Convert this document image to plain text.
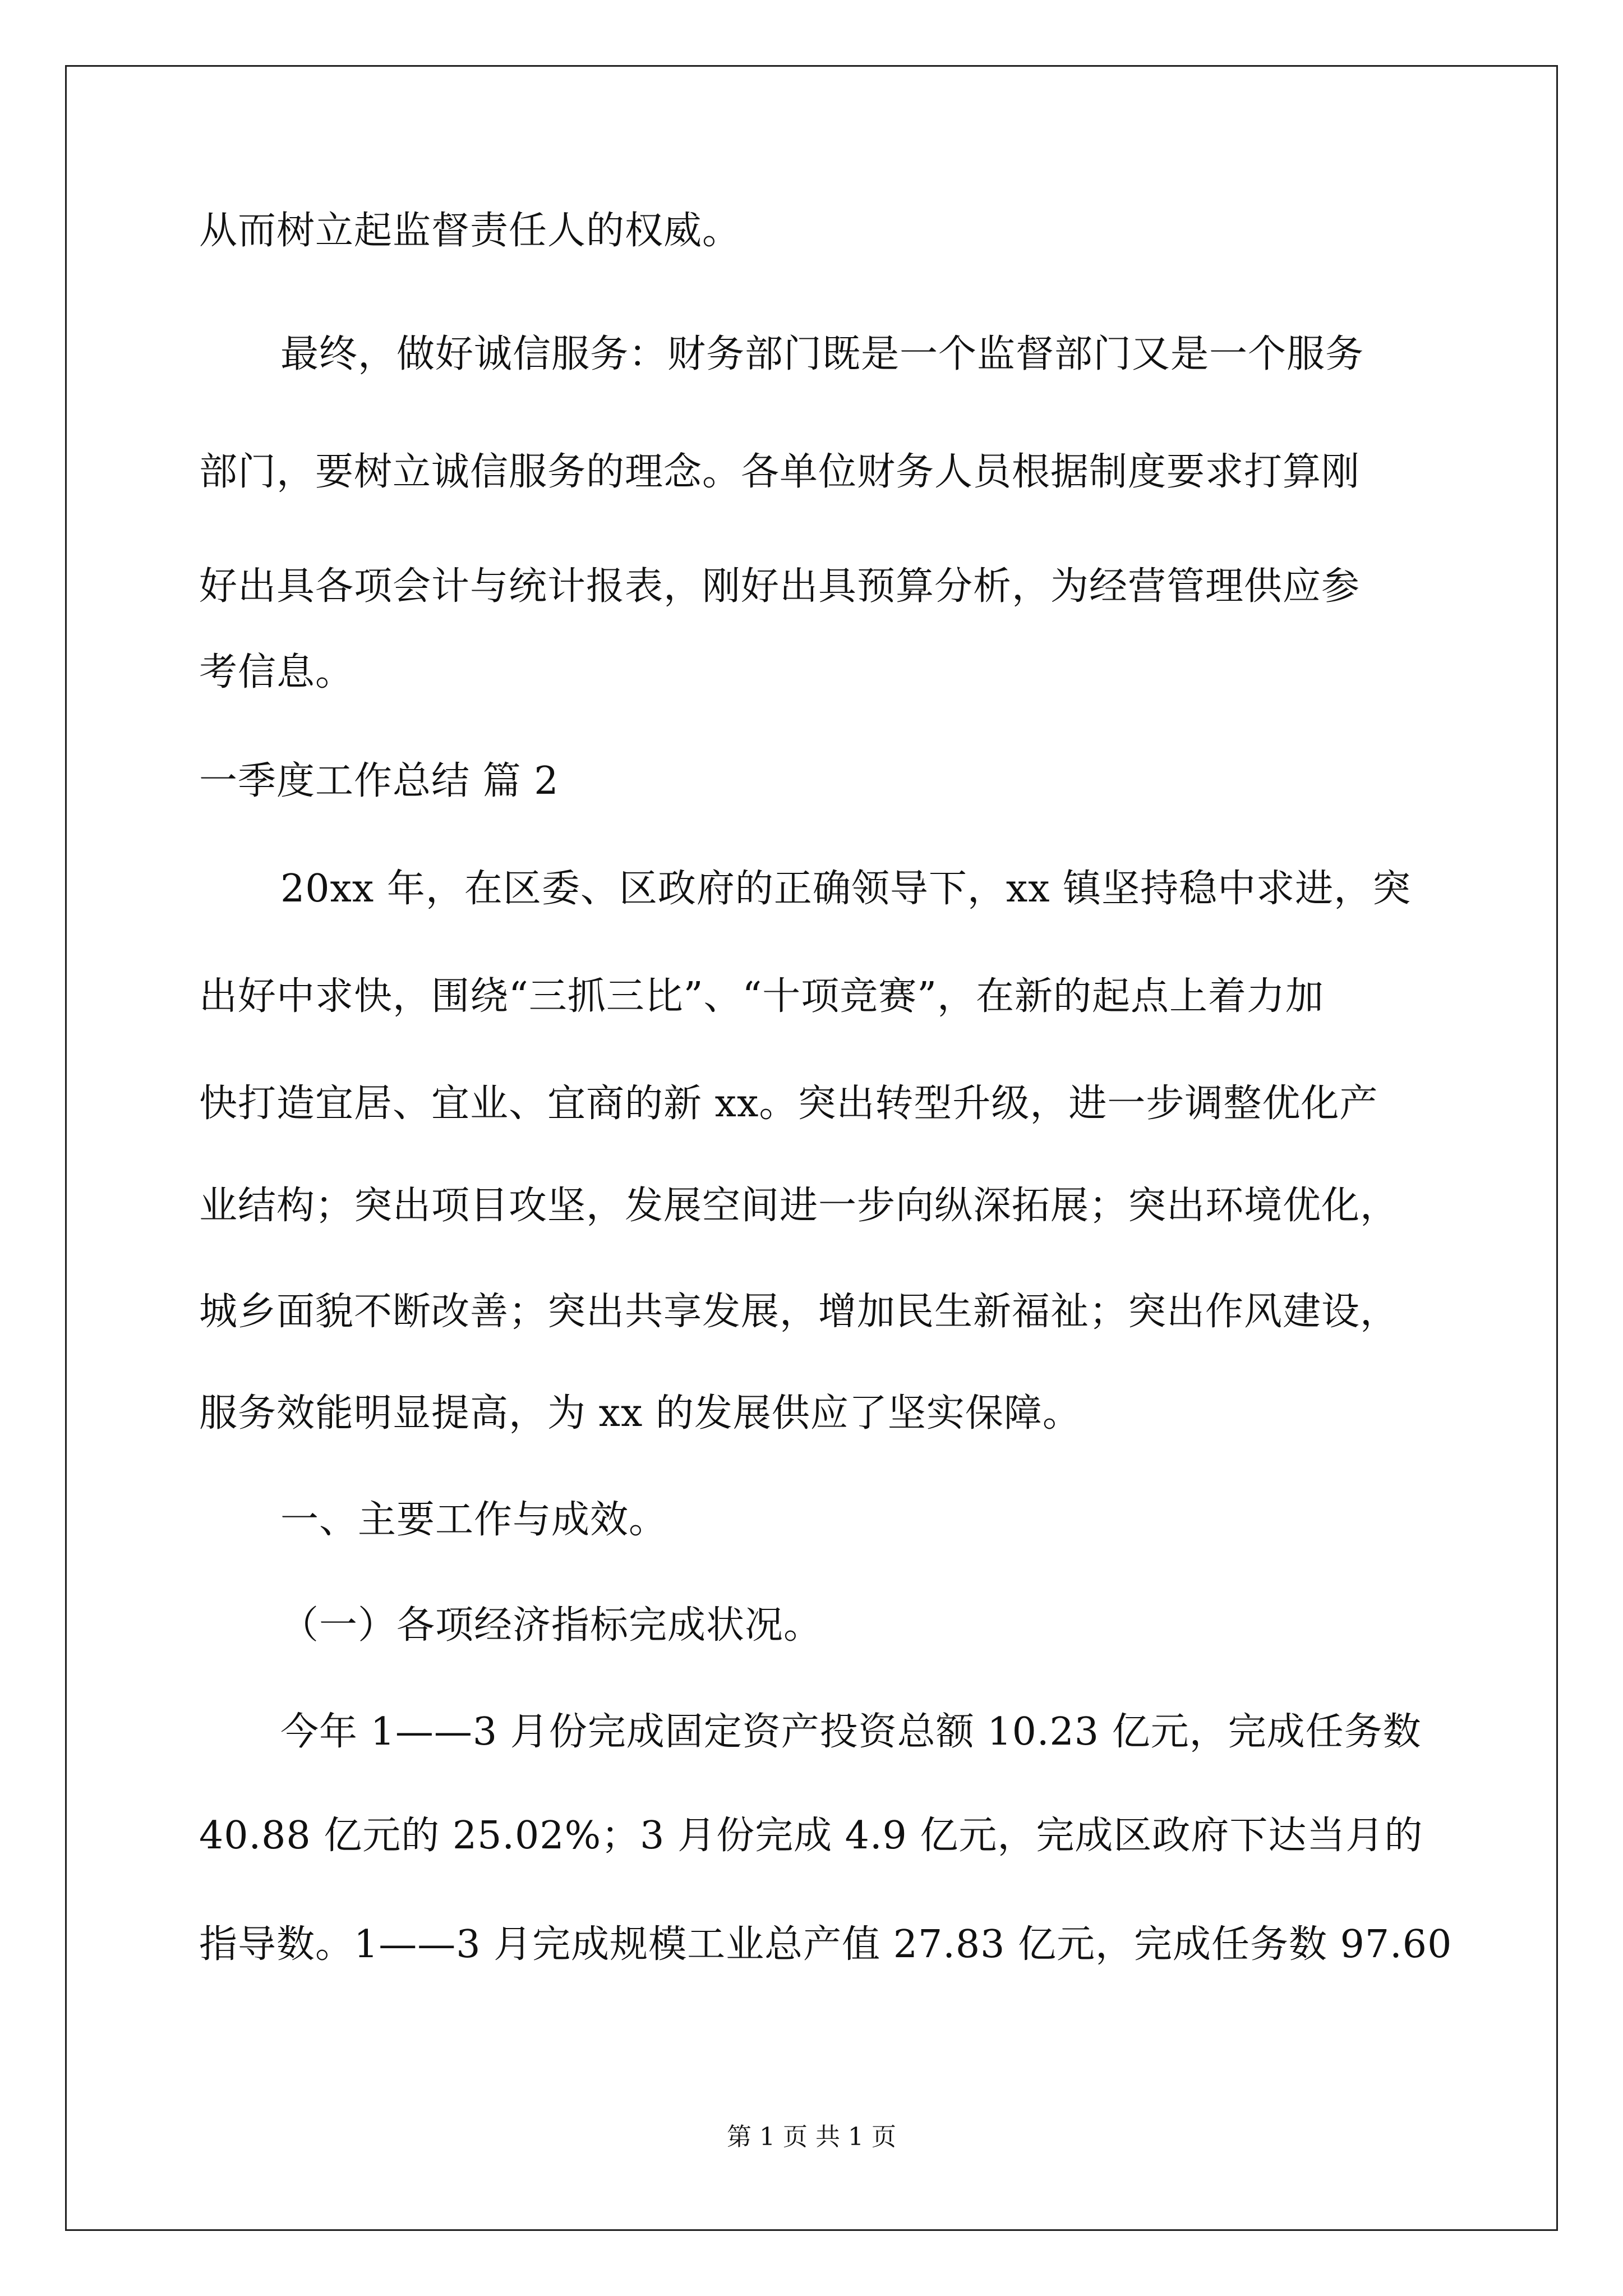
从而树立起监督责任人的权威。
最终，做好诚信服务：财务部门既是一个监督部门又是一个服务
部门，要树立诚信服务的理念。各单位财务人员根据制度要求打算刚
好出具各项会计与统计报表，刚好出具预算分析，为经营管理供应参
考信息。
一季度工作总结 篇 2
20xx 年，在区委、区政府的正确领导下，xx 镇坚持稳中求进，突
出好中求快，围绕“三抓三比”、“十项竞赛”，在新的起点上着力加
快打造宜居、宜业、宜商的新 xx。突出转型升级，进一步调整优化产
业结构；突出项目攻坚，发展空间进一步向纵深拓展；突出环境优化，
城乡面貌不断改善；突出共享发展，增加民生新福祉；突出作风建设，
服务效能明显提高，为 xx 的发展供应了坚实保障。
一、主要工作与成效。
（一）各项经济指标完成状况。
今年 1——3 月份完成固定资产投资总额 10.23 亿元，完成任务数
40.88 亿元的 25.02%；3 月份完成 4.9 亿元，完成区政府下达当月的
指导数。1——3 月完成规模工业总产值 27.83 亿元，完成任务数 97.60
第 1 页 共 1 页
